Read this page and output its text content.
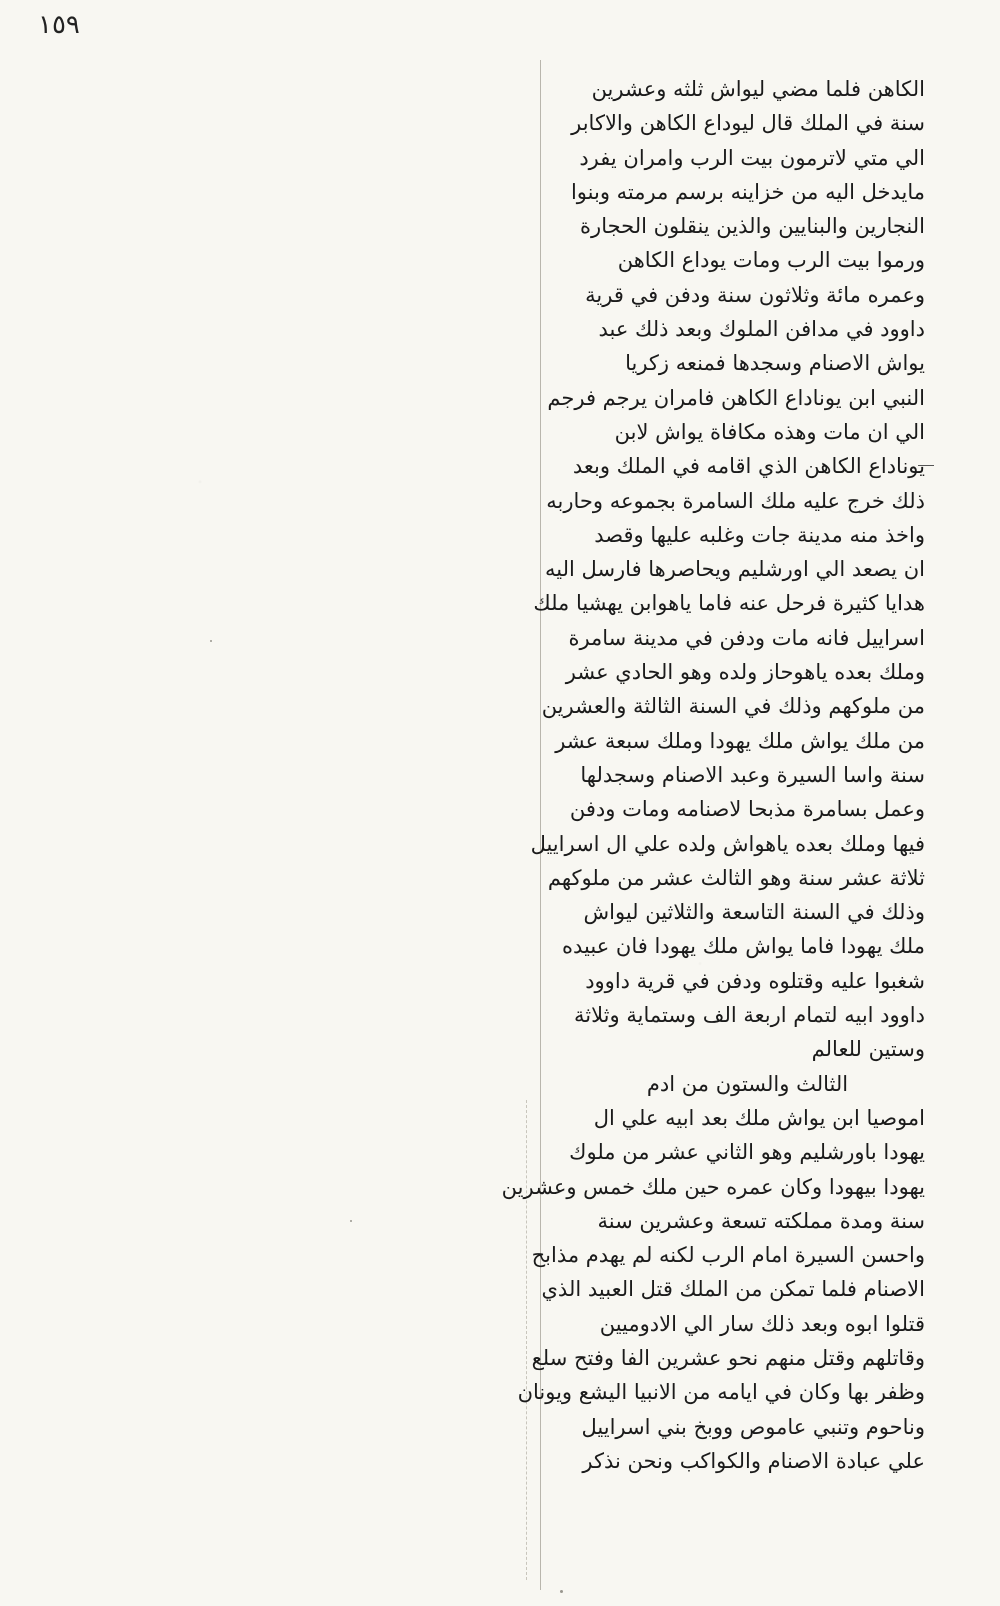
١٥٩
الكاهن فلما مضي ليواش ثلثه وعشرين
سنة في الملك قال ليوداع الكاهن والاكابر
الي متي لاترمون بيت الرب وامران يفرد
مايدخل اليه من خزاينه برسم مرمته وبنوا
النجارين والبنايين والذين ينقلون الحجارة
ورموا بيت الرب ومات يوداع الكاهن
وعمره مائة وثلاثون سنة ودفن في قرية
داوود في مدافن الملوك وبعد ذلك عبد
يواش الاصنام وسجدها فمنعه زكريا
النبي ابن يوناداع الكاهن فامران يرجم فرجم
الي ان مات وهذه مكافاة يواش لابن
يوناداع الكاهن الذي اقامه في الملك وبعد
ذلك خرج عليه ملك السامرة بجموعه وحاربه
واخذ منه مدينة جات وغلبه عليها وقصد
ان يصعد الي اورشليم ويحاصرها فارسل اليه
هدايا كثيرة فرحل عنه فاما ياهوابن يهشيا ملك
اسراييل فانه مات ودفن في مدينة سامرة
وملك بعده ياهوحاز ولده وهو الحادي عشر
من ملوكهم وذلك في السنة الثالثة والعشرين
من ملك يواش ملك يهودا وملك سبعة عشر
سنة واسا السيرة وعبد الاصنام وسجدلها
وعمل بسامرة مذبحا لاصنامه ومات ودفن
فيها وملك بعده ياهواش ولده علي ال اسراييل
ثلاثة عشر سنة وهو الثالث عشر من ملوكهم
وذلك في السنة التاسعة والثلاثين ليواش
ملك يهودا فاما يواش ملك يهودا فان عبيده
شغبوا عليه وقتلوه ودفن في قرية داوود
داوود ابيه لتمام اربعة الف وستماية وثلاثة
وستين للعالم
الثالث والستون من ادم
اموصيا ابن يواش ملك بعد ابيه علي ال
يهودا باورشليم وهو الثاني عشر من ملوك
يهودا بيهودا وكان عمره حين ملك خمس وعشرين
سنة ومدة مملكته تسعة وعشرين سنة
واحسن السيرة امام الرب لكنه لم يهدم مذابح
الاصنام فلما تمكن من الملك قتل العبيد الذي
قتلوا ابوه وبعد ذلك سار الي الادوميين
وقاتلهم وقتل منهم نحو عشرين الفا وفتح سلع
وظفر بها وكان في ايامه من الانبيا اليشع ويونان
وناحوم وتنبي عاموص ووبخ بني اسراييل
علي عبادة الاصنام والكواكب ونحن نذكر
